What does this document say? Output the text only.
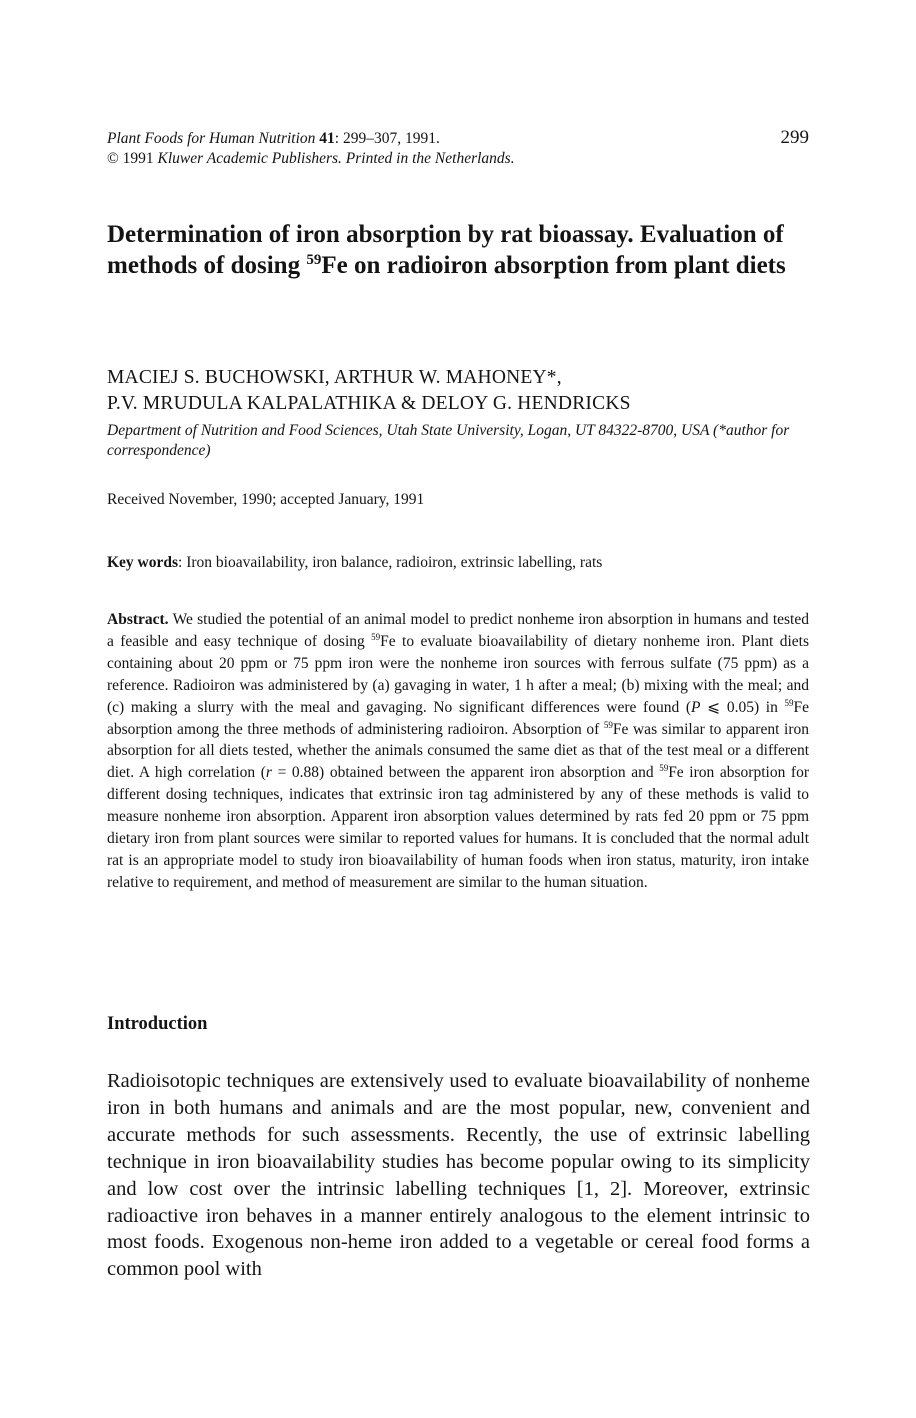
Plant Foods for Human Nutrition 41: 299–307, 1991.
© 1991 Kluwer Academic Publishers. Printed in the Netherlands.

299
Determination of iron absorption by rat bioassay. Evaluation of methods of dosing $^{59}$Fe on radioiron absorption from plant diets
MACIEJ S. BUCHOWSKI, ARTHUR W. MAHONEY*,
P.V. MRUDULA KALPALATHIKA & DELOY G. HENDRICKS
Department of Nutrition and Food Sciences, Utah State University, Logan, UT 84322-8700, USA (*author for correspondence)
Received November, 1990; accepted January, 1991
Key words: Iron bioavailability, iron balance, radioiron, extrinsic labelling, rats

Abstract. We studied the potential of an animal model to predict nonheme iron absorption in humans and tested a feasible and easy technique of dosing $^{59}$Fe to evaluate bioavailability of dietary nonheme iron. Plant diets containing about 20 ppm or 75 ppm iron were the nonheme iron sources with ferrous sulfate (75 ppm) as a reference. Radioiron was administered by (a) gavaging in water, 1 h after a meal; (b) mixing with the meal; and (c) making a slurry with the meal and gavaging. No significant differences were found (P ⩽ 0.05) in $^{59}$Fe absorption among the three methods of administering radioiron. Absorption of $^{59}$Fe was similar to apparent iron absorption for all diets tested, whether the animals consumed the same diet as that of the test meal or a different diet. A high correlation (r = 0.88) obtained between the apparent iron absorption and $^{59}$Fe iron absorption for different dosing techniques, indicates that extrinsic iron tag administered by any of these methods is valid to measure nonheme iron absorption. Apparent iron absorption values determined by rats fed 20 ppm or 75 ppm dietary iron from plant sources were similar to reported values for humans. It is concluded that the normal adult rat is an appropriate model to study iron bioavailability of human foods when iron status, maturity, iron intake relative to requirement, and method of measurement are similar to the human situation.

Introduction

Radioisotopic techniques are extensively used to evaluate bioavailability of nonheme iron in both humans and animals and are the most popular, new, convenient and accurate methods for such assessments. Recently, the use of extrinsic labelling technique in iron bioavailability studies has become popular owing to its simplicity and low cost over the intrinsic labelling techniques [1, 2]. Moreover, extrinsic radioactive iron behaves in a manner entirely analogous to the element intrinsic to most foods. Exogenous non-heme iron added to a vegetable or cereal food forms a common pool with
